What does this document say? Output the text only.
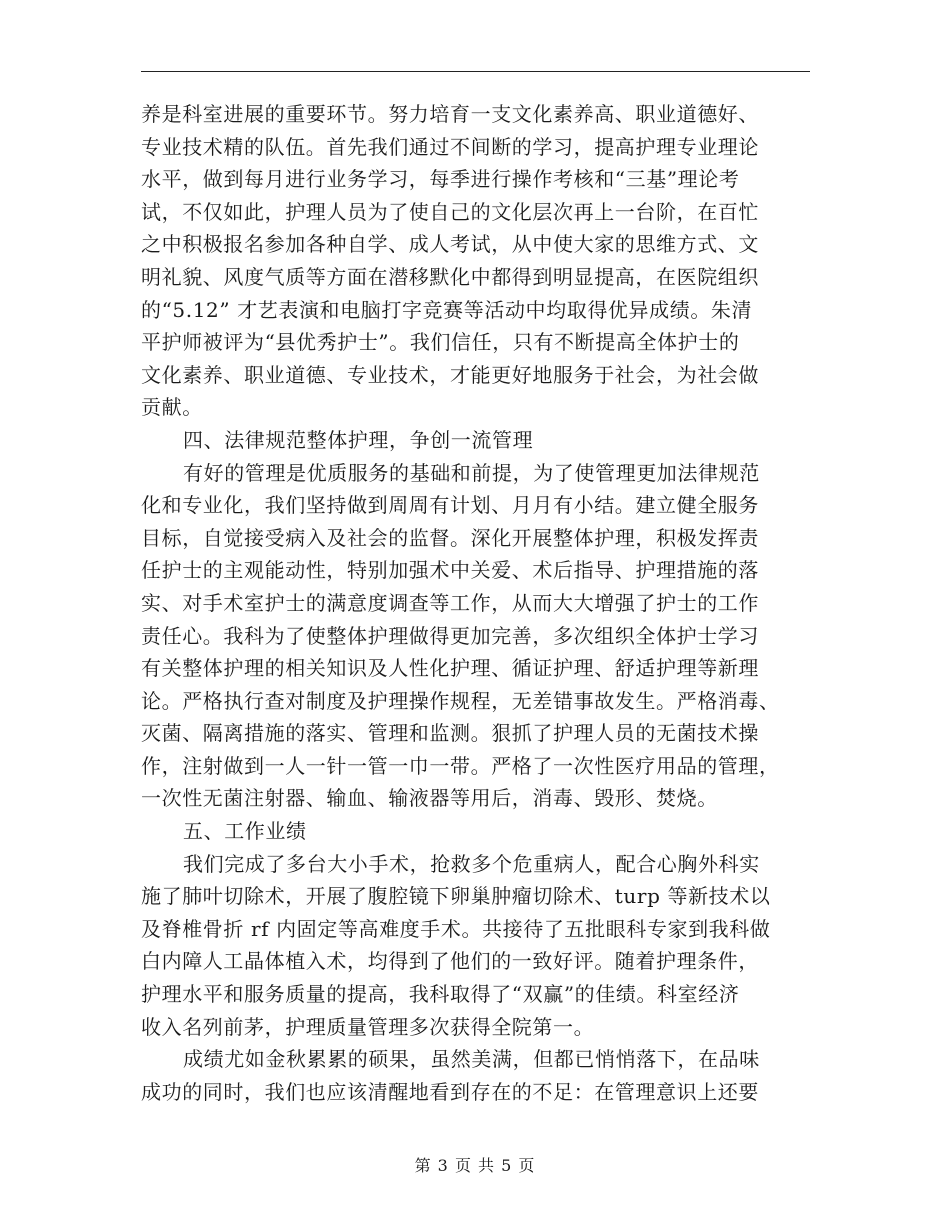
养是科室进展的重要环节。努力培育一支文化素养高、职业道德好、
专业技术精的队伍。首先我们通过不间断的学习，提高护理专业理论
水平，做到每月进行业务学习，每季进行操作考核和“三基”理论考
试，不仅如此，护理人员为了使自己的文化层次再上一台阶，在百忙
之中积极报名参加各种自学、成人考试，从中使大家的思维方式、文
明礼貌、风度气质等方面在潜移默化中都得到明显提高，在医院组织
的“5.12” 才艺表演和电脑打字竞赛等活动中均取得优异成绩。朱清
平护师被评为“县优秀护士”。我们信任，只有不断提高全体护士的
文化素养、职业道德、专业技术，才能更好地服务于社会，为社会做
贡献。
四、法律规范整体护理，争创一流管理
有好的管理是优质服务的基础和前提，为了使管理更加法律规范
化和专业化，我们坚持做到周周有计划、月月有小结。建立健全服务
目标，自觉接受病入及社会的监督。深化开展整体护理，积极发挥责
任护士的主观能动性，特别加强术中关爱、术后指导、护理措施的落
实、对手术室护士的满意度调查等工作，从而大大增强了护士的工作
责任心。我科为了使整体护理做得更加完善，多次组织全体护士学习
有关整体护理的相关知识及人性化护理、循证护理、舒适护理等新理
论。严格执行查对制度及护理操作规程，无差错事故发生。严格消毒、
灭菌、隔离措施的落实、管理和监测。狠抓了护理人员的无菌技术操
作，注射做到一人一针一管一巾一带。严格了一次性医疗用品的管理，
一次性无菌注射器、输血、输液器等用后，消毒、毁形、焚烧。
五、工作业绩
我们完成了多台大小手术，抢救多个危重病人，配合心胸外科实
施了肺叶切除术，开展了腹腔镜下卵巢肿瘤切除术、turp 等新技术以
及脊椎骨折 rf 内固定等高难度手术。共接待了五批眼科专家到我科做
白内障人工晶体植入术，均得到了他们的一致好评。随着护理条件，
护理水平和服务质量的提高，我科取得了“双赢”的佳绩。科室经济
收入名列前茅，护理质量管理多次获得全院第一。
成绩尤如金秋累累的硕果，虽然美满，但都已悄悄落下，在品味
成功的同时，我们也应该清醒地看到存在的不足：在管理意识上还要
第 3 页 共 5 页
